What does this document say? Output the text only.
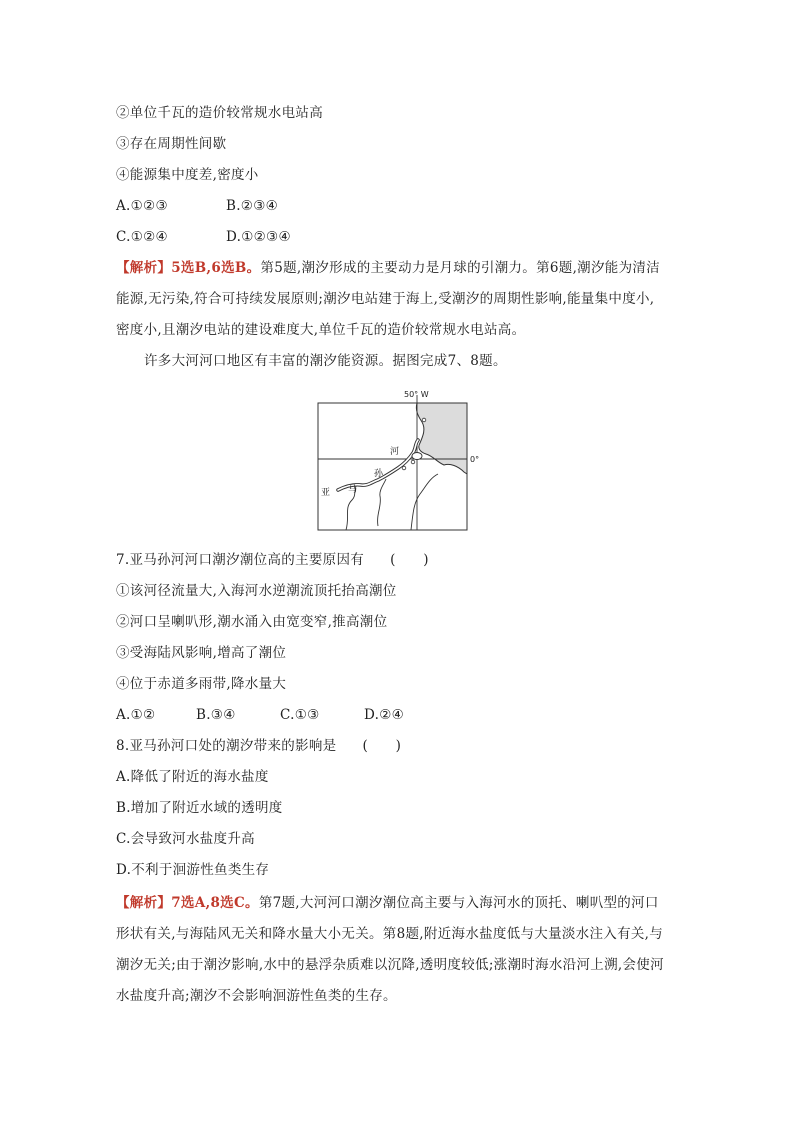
②单位千瓦的造价较常规水电站高
③存在周期性间歇
④能源集中度差,密度小
A.①②③	B.②③④
C.①②④	D.①②③④
【解析】5选B,6选B。第5题,潮汐形成的主要动力是月球的引潮力。第6题,潮汐能为清洁
能源,无污染,符合可持续发展原则;潮汐电站建于海上,受潮汐的周期性影响,能量集中度小,
密度小,且潮汐电站的建设难度大,单位千瓦的造价较常规水电站高。
许多大河河口地区有丰富的潮汐能资源。据图完成7、8题。
50° W
0°
河
孙
马
亚
7.亚马孙河河口潮汐潮位高的主要原因有 (　　)
①该河径流量大,入海河水逆潮流顶托抬高潮位
②河口呈喇叭形,潮水涌入由宽变窄,推高潮位
③受海陆风影响,增高了潮位
④位于赤道多雨带,降水量大
A.①②	B.③④	C.①③	D.②④
8.亚马孙河口处的潮汐带来的影响是 (　　)
A.降低了附近的海水盐度
B.增加了附近水域的透明度
C.会导致河水盐度升高
D.不利于洄游性鱼类生存
【解析】7选A,8选C。第7题,大河河口潮汐潮位高主要与入海河水的顶托、喇叭型的河口
形状有关,与海陆风无关和降水量大小无关。第8题,附近海水盐度低与大量淡水注入有关,与
潮汐无关;由于潮汐影响,水中的悬浮杂质难以沉降,透明度较低;涨潮时海水沿河上溯,会使河
水盐度升高;潮汐不会影响洄游性鱼类的生存。
